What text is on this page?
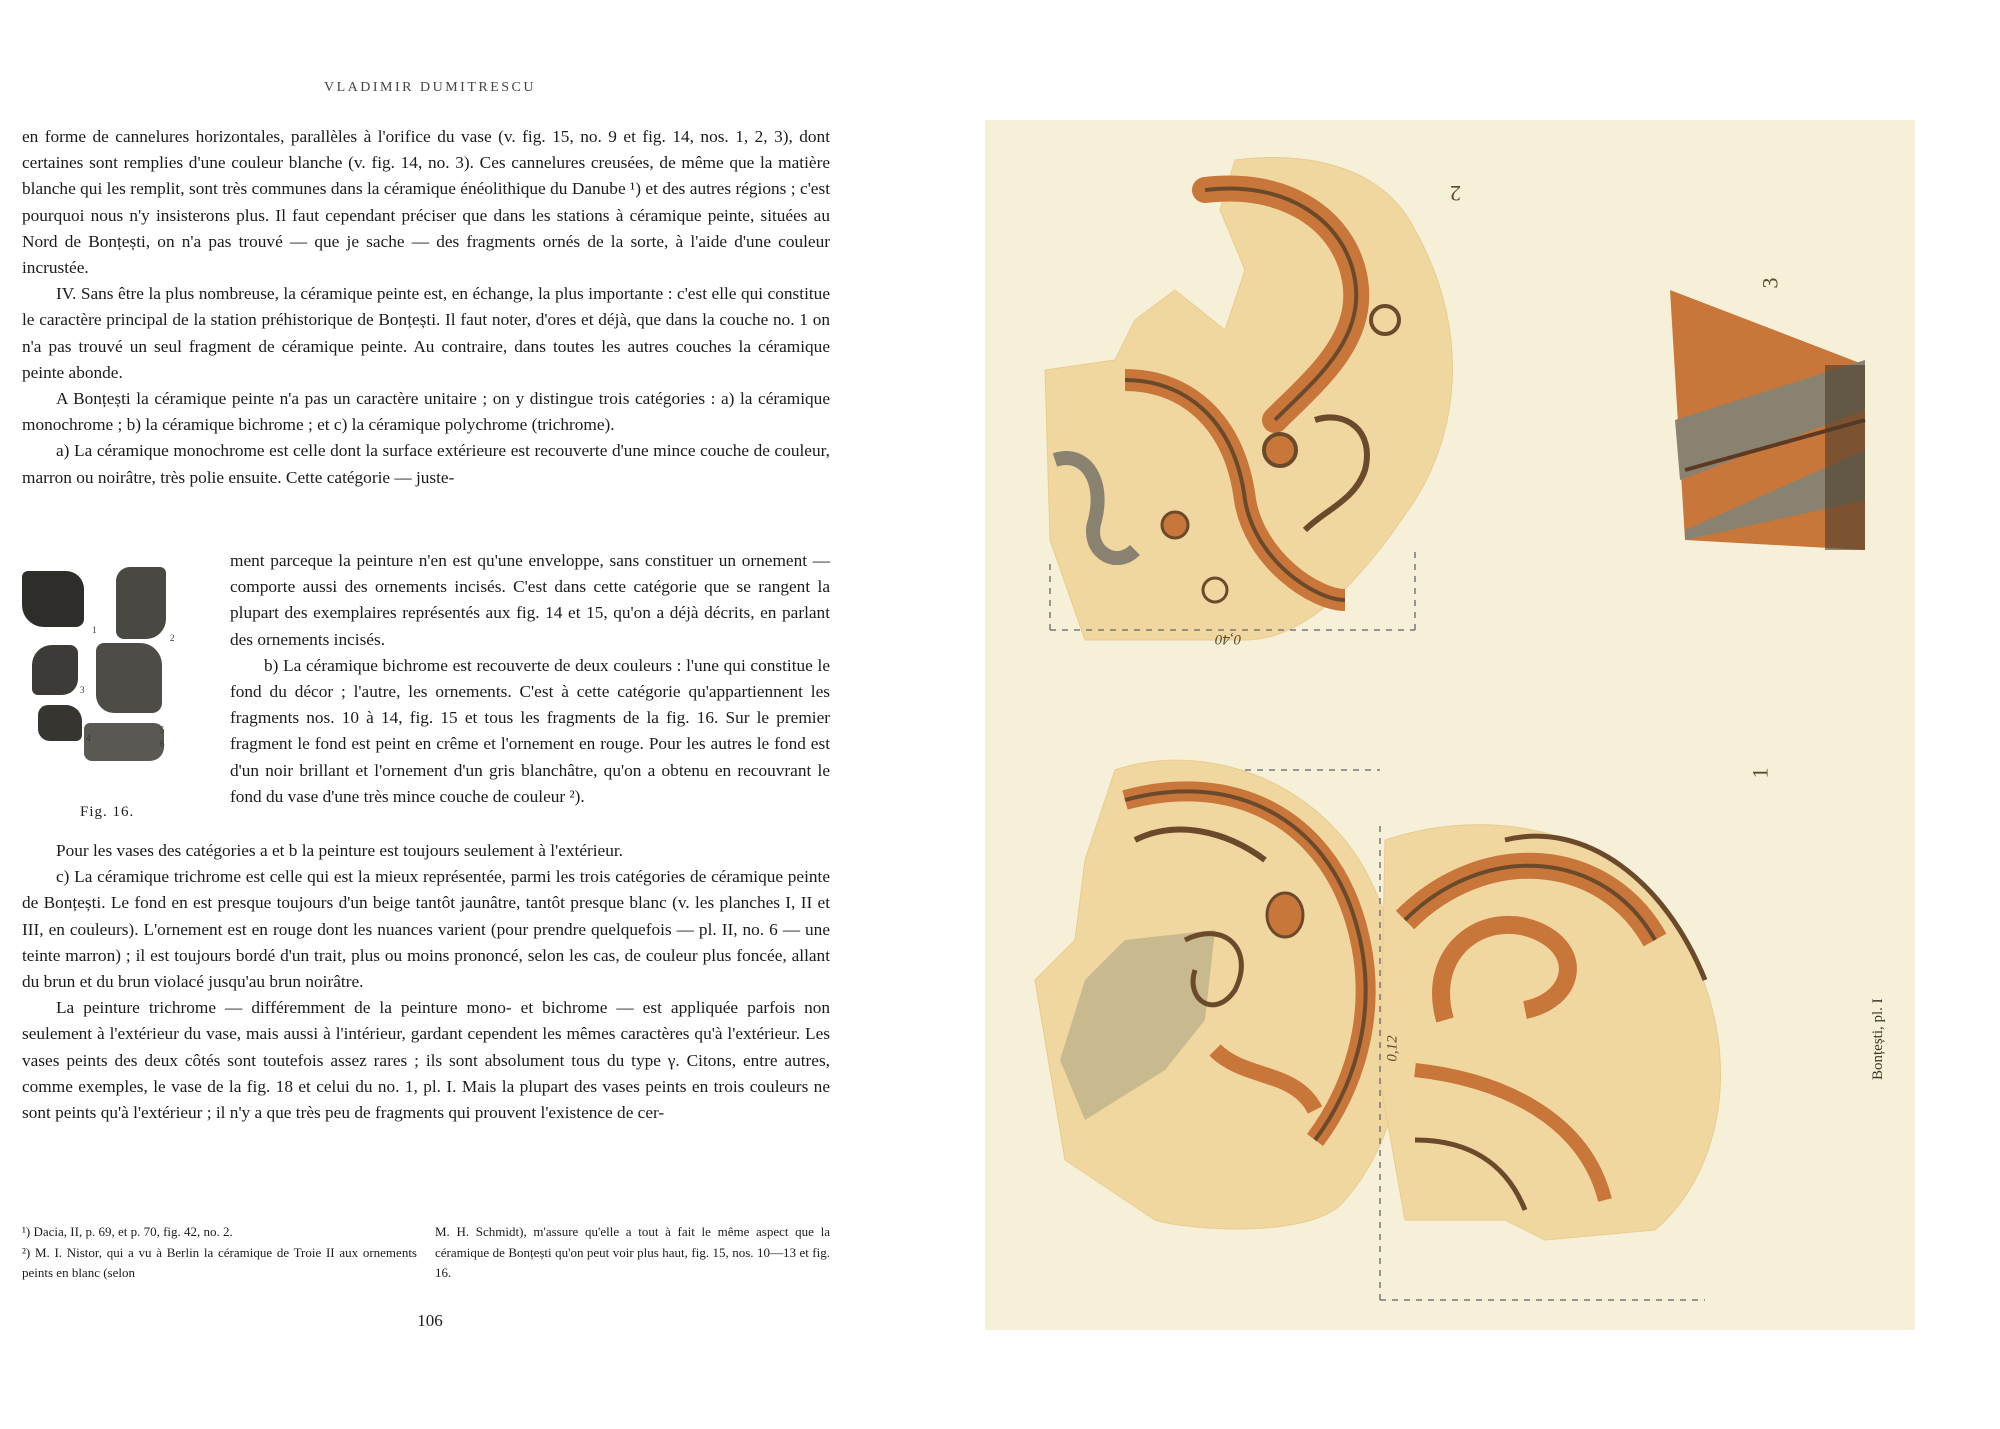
VLADIMIR DUMITRESCU

en forme de cannelures horizontales, parallèles à l'orifice du vase (v. fig. 15, no. 9 et fig. 14, nos. 1, 2, 3), dont certaines sont remplies d'une couleur blanche (v. fig. 14, no. 3). Ces cannelures creusées, de même que la matière blanche qui les remplit, sont très communes dans la céramique énéolithique du Danube ¹) et des autres régions ; c'est pourquoi nous n'y insisterons plus. Il faut cependant préciser que dans les stations à céramique peinte, situées au Nord de Bonțești, on n'a pas trouvé — que je sache — des fragments ornés de la sorte, à l'aide d'une couleur incrustée.

IV. Sans être la plus nombreuse, la céramique peinte est, en échange, la plus importante : c'est elle qui constitue le caractère principal de la station préhistorique de Bonțești. Il faut noter, d'ores et déjà, que dans la couche no. 1 on n'a pas trouvé un seul fragment de céramique peinte. Au contraire, dans toutes les autres couches la céramique peinte abonde.

A Bonțești la céramique peinte n'a pas un caractère unitaire ; on y distingue trois catégories : a) la céramique monochrome ; b) la céramique bichrome ; et c) la céramique polychrome (trichrome).

a) La céramique monochrome est celle dont la surface extérieure est recouverte d'une mince couche de couleur, marron ou noirâtre, très polie ensuite. Cette catégorie — juste-

1
2
3
4
5
6
Fig. 16.

ment parceque la peinture n'en est qu'une enveloppe, sans constituer un ornement — comporte aussi des ornements incisés. C'est dans cette catégorie que se rangent la plupart des exemplaires représentés aux fig. 14 et 15, qu'on a déjà décrits, en parlant des ornements incisés.

b) La céramique bichrome est recouverte de deux couleurs : l'une qui constitue le fond du décor ; l'autre, les ornements. C'est à cette catégorie qu'appartiennent les fragments nos. 10 à 14, fig. 15 et tous les fragments de la fig. 16. Sur le premier fragment le fond est peint en crême et l'ornement en rouge. Pour les autres le fond est d'un noir brillant et l'ornement d'un gris blanchâtre, qu'on a obtenu en recouvrant le fond du vase d'une très mince couche de couleur ²).

Pour les vases des catégories a et b la peinture est toujours seulement à l'extérieur.

c) La céramique trichrome est celle qui est la mieux représentée, parmi les trois catégories de céramique peinte de Bonțești. Le fond en est presque toujours d'un beige tantôt jaunâtre, tantôt presque blanc (v. les planches I, II et III, en couleurs). L'ornement est en rouge dont les nuances varient (pour prendre quelquefois — pl. II, no. 6 — une teinte marron) ; il est toujours bordé d'un trait, plus ou moins prononcé, selon les cas, de couleur plus foncée, allant du brun et du brun violacé jusqu'au brun noirâtre.

La peinture trichrome — différemment de la peinture mono- et bichrome — est appliquée parfois non seulement à l'extérieur du vase, mais aussi à l'intérieur, gardant cependent les mêmes caractères qu'à l'extérieur. Les vases peints des deux côtés sont toutefois assez rares ; ils sont absolument tous du type γ. Citons, entre autres, comme exemples, le vase de la fig. 18 et celui du no. 1, pl. I. Mais la plupart des vases peints en trois couleurs ne sont peints qu'à l'extérieur ; il n'y a que très peu de fragments qui prouvent l'existence de cer-

¹) Dacia, II, p. 69, et p. 70, fig. 42, no. 2.
²) M. I. Nistor, qui a vu à Berlin la céramique de Troie II aux ornements peints en blanc (selon
M. H. Schmidt), m'assure qu'elle a tout à fait le même aspect que la céramique de Bonțești qu'on peut voir plus haut, fig. 15, nos. 10—13 et fig. 16.
106
2
3
1
0,40
0,12	Bonțești, pl. I
